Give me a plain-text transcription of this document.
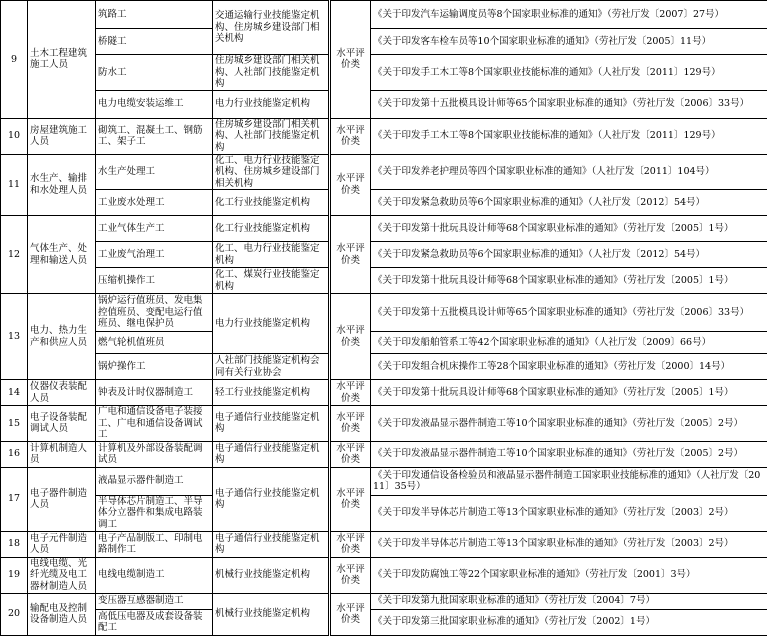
9	土木工程建筑施工人员	筑路工	交通运输行业技能鉴定机构、住房城乡建设部门相关机构	水平评价类	《关于印发汽车运输调度员等8个国家职业标准的通知》（劳社厅发〔2007〕27号）
		桥隧工			《关于印发客车检车员等10个国家职业标准的通知》（劳社厅发〔2005〕11号）
		防水工	住房城乡建设部门相关机构、人社部门技能鉴定机构		《关于印发手工木工等8个国家职业技能标准的通知》（人社厅发〔2011〕129号）
		电力电缆安装运维工	电力行业技能鉴定机构		《关于印发第十五批模具设计师等65个国家职业标准的通知》（劳社厅发〔2006〕33号）
10	房屋建筑施工人员	砌筑工、混凝土工、钢筋工、架子工	住房城乡建设部门相关机构、人社部门技能鉴定机构	水平评价类	《关于印发手工木工等8个国家职业技能标准的通知》（人社厅发〔2011〕129号）
11	水生产、输排和水处理人员	水生产处理工	化工、电力行业技能鉴定机构、住房城乡建设部门相关机构	水平评价类	《关于印发养老护理员等四个国家职业标准的通知》（人社厅发〔2011〕104号）
		工业废水处理工	化工行业技能鉴定机构		《关于印发紧急救助员等6个国家职业标准的通知》（人社厅发〔2012〕54号）
12	气体生产、处理和输送人员	工业气体生产工	化工行业技能鉴定机构	水平评价类	《关于印发第十批玩具设计师等68个国家职业标准的通知》（劳社厅发〔2005〕1号）
		工业废气治理工	化工、电力行业技能鉴定机构		《关于印发紧急救助员等6个国家职业标准的通知》（人社厅发〔2012〕54号）
		压缩机操作工	化工、煤炭行业技能鉴定机构		《关于印发第十批玩具设计师等68个国家职业标准的通知》（劳社厅发〔2005〕1号）
13	电力、热力生产和供应人员	锅炉运行值班员、发电集控值班员、变配电运行值班员、继电保护员	电力行业技能鉴定机构	水平评价类	《关于印发第十五批模具设计师等65个国家职业标准的通知》（劳社厅发〔2006〕33号）
		燃气轮机值班员			《关于印发船舶管系工等42个国家职业标准的通知》（人社厅发〔2009〕66号）
		锅炉操作工	人社部门技能鉴定机构会同有关行业协会		《关于印发组合机床操作工等28个国家职业标准的通知》（劳社厅发〔2000〕14号）
14	仪器仪表装配人员	钟表及计时仪器制造工	轻工行业技能鉴定机构	水平评价类	《关于印发第十批玩具设计师等68个国家职业标准的通知》（劳社厅发〔2005〕1号）
15	电子设备装配调试人员	广电和通信设备电子装接工、广电和通信设备调试工	电子通信行业技能鉴定机构	水平评价类	《关于印发液晶显示器件制造工等10个国家职业标准的通知》（劳社厅发〔2005〕2号）
16	计算机制造人员	计算机及外部设备装配调试员	电子通信行业技能鉴定机构	水平评价类	《关于印发液晶显示器件制造工等10个国家职业标准的通知》（劳社厅发〔2005〕2号）
17	电子器件制造人员	液晶显示器件制造工	电子通信行业技能鉴定机构	水平评价类	《关于印发通信设备检验员和液晶显示器件制造工国家职业技能标准的通知》（人社厅发〔2011〕35号）
		半导体芯片制造工、半导体分立器件和集成电路装调工			《关于印发半导体芯片制造工等13个国家职业标准的通知》（劳社厅发〔2003〕2号）
18	电子元件制造人员	电子产品制版工、印制电路制作工	电子通信行业技能鉴定机构	水平评价类	《关于印发半导体芯片制造工等13个国家职业标准的通知》（劳社厅发〔2003〕2号）
19	电线电缆、光纤光缆及电工器材制造人员	电线电缆制造工	机械行业技能鉴定机构	水平评价类	《关于印发防腐蚀工等22个国家职业标准的通知》（劳社厅发〔2001〕3号）
20	输配电及控制设备制造人员	变压器互感器制造工	机械行业技能鉴定机构	水平评价类	《关于印发第九批国家职业标准的通知》（劳社厅发〔2004〕7号）
		高低压电器及成套设备装配工			《关于印发第三批国家职业标准的通知》（劳社厅发〔2002〕1号）
